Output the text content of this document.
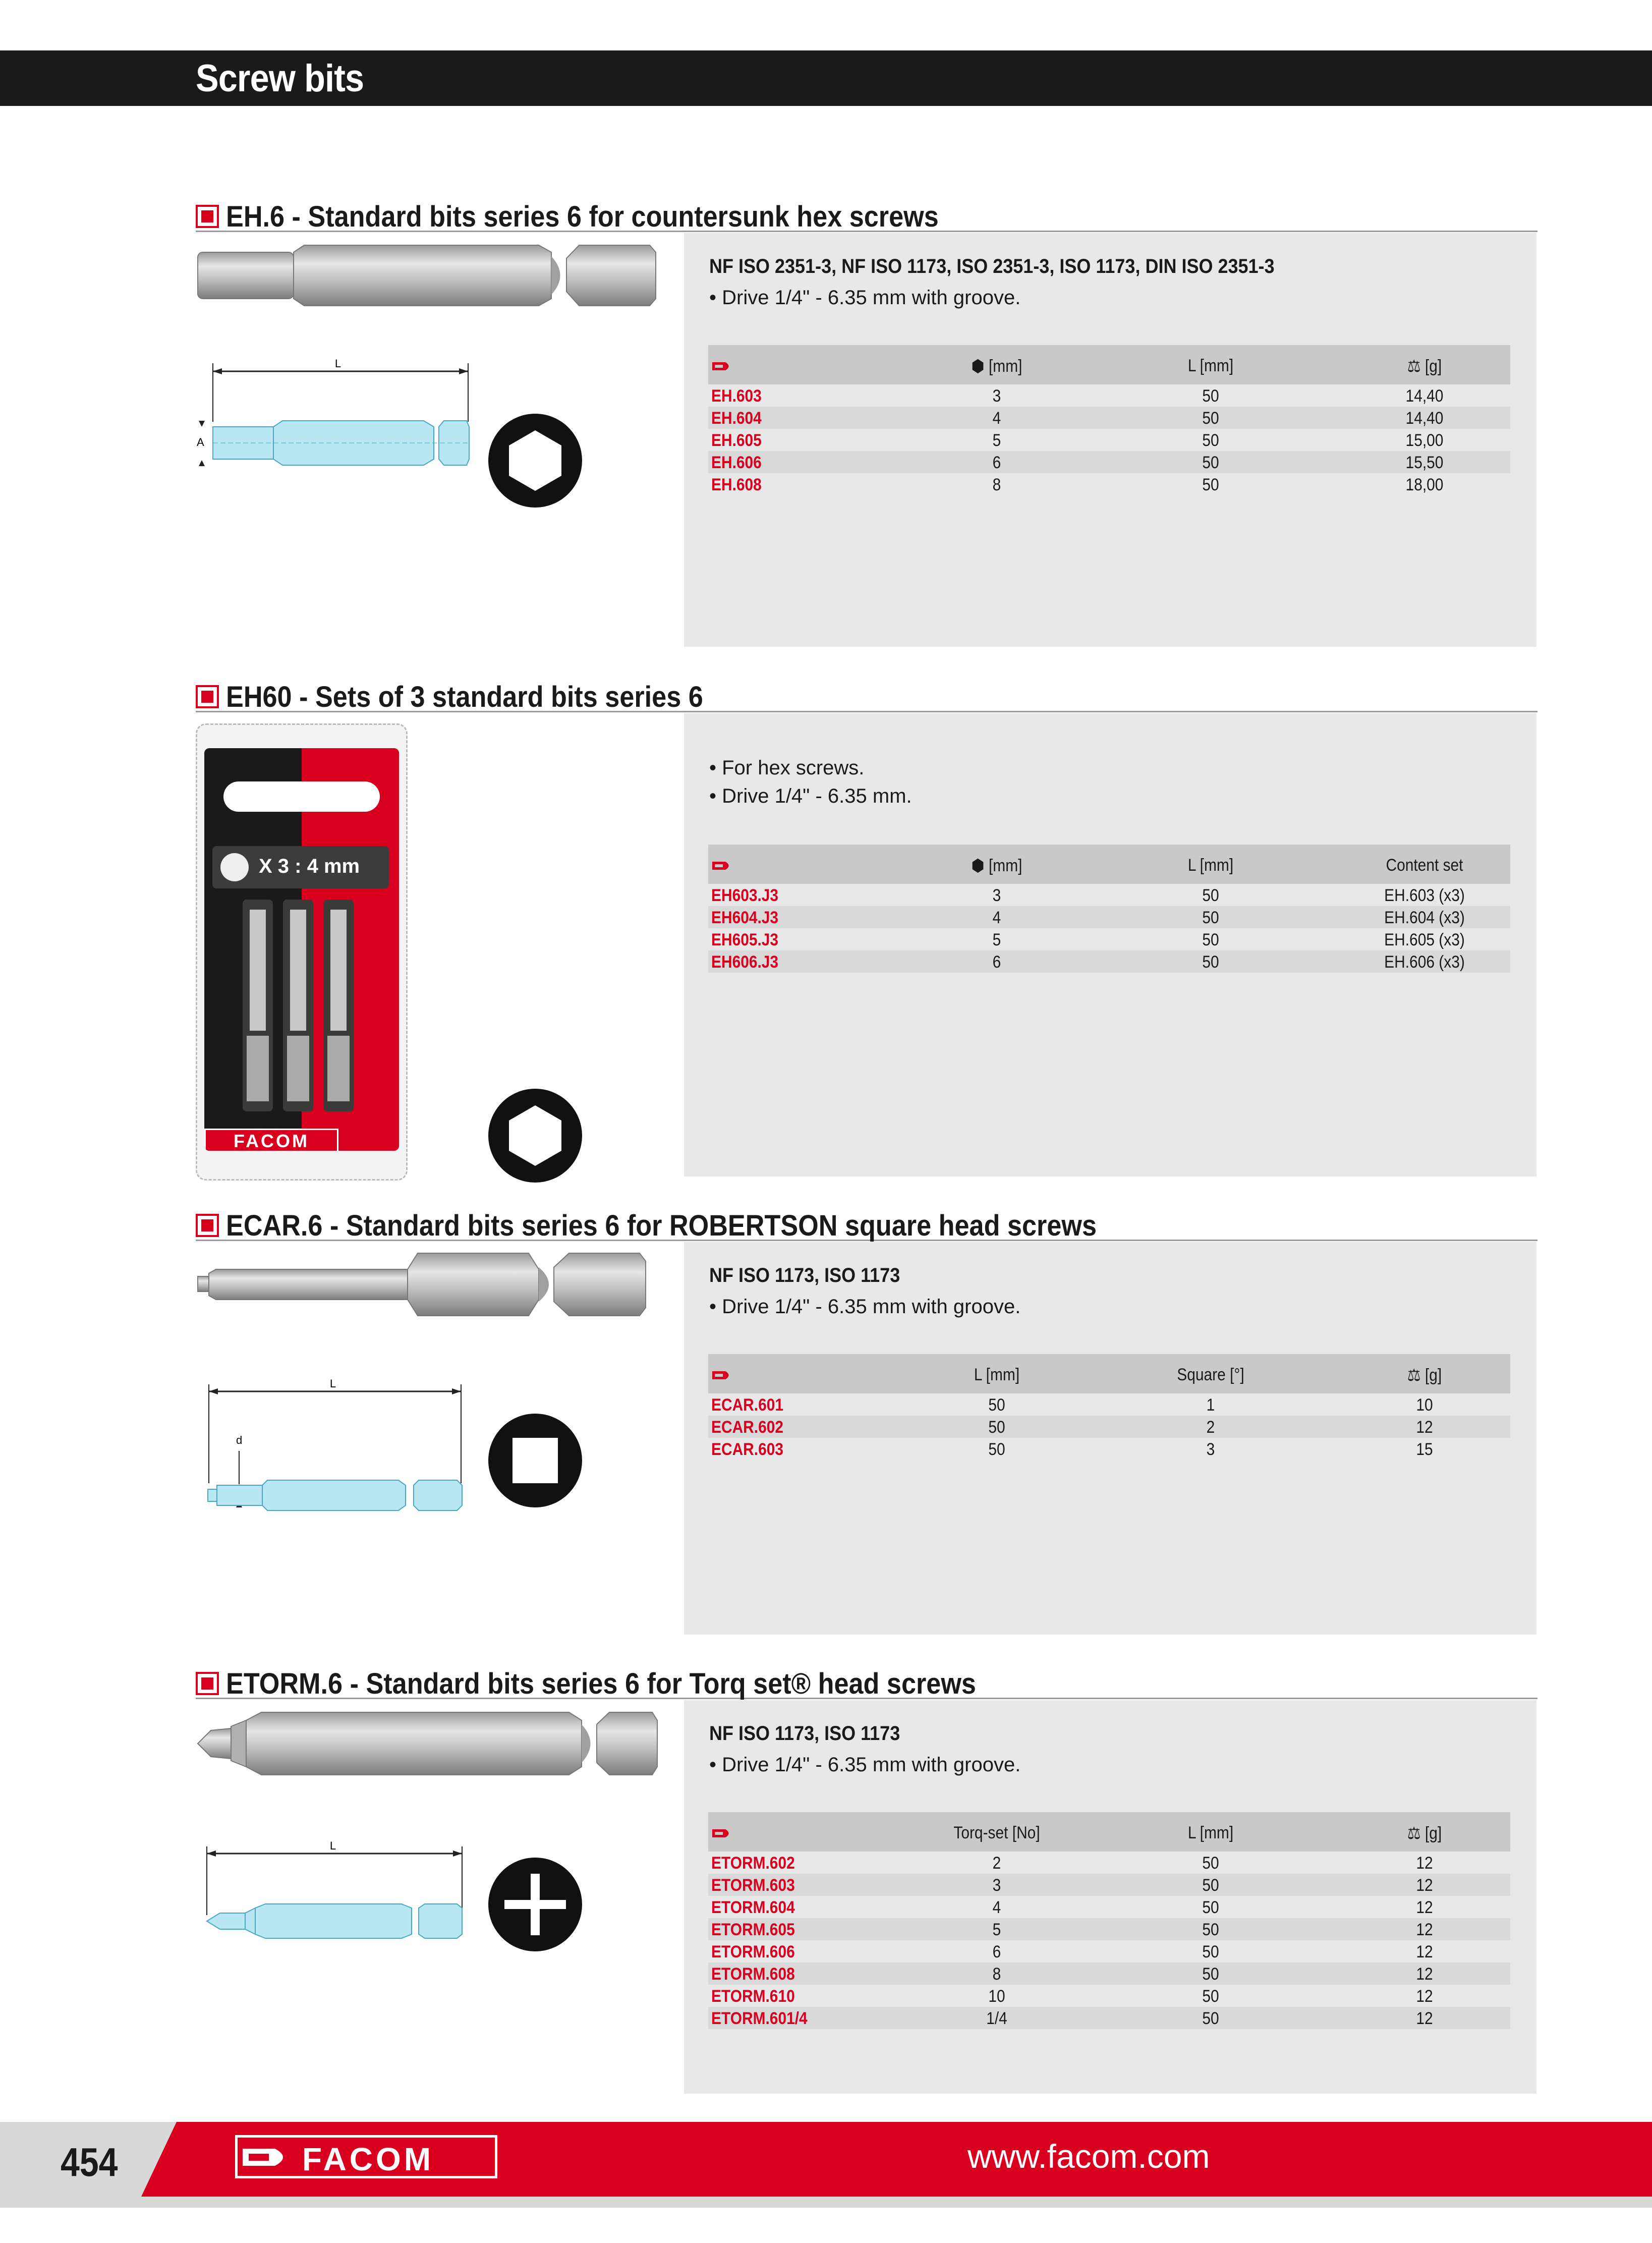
Screw bits
EH.6 - Standard bits series 6 for countersunk hex screws
L
A
NF ISO 2351-3, NF ISO 1173, ISO 2351-3, ISO 1173, DIN ISO 2351-3
• Drive 1/4" - 6.35 mm with groove.
⬢ [mm]	L [mm]	⚖ [g]
EH.603	3	50	14,40
EH.604	4	50	14,40
EH.605	5	50	15,00
EH.606	6	50	15,50
EH.608	8	50	18,00
EH60 - Sets of 3 standard bits series 6
X 3 : 4 mm
FACOM
• For hex screws.
• Drive 1/4" - 6.35 mm.
⬢ [mm]	L [mm]	Content set
EH603.J3	3	50	EH.603 (x3)
EH604.J3	4	50	EH.604 (x3)
EH605.J3	5	50	EH.605 (x3)
EH606.J3	6	50	EH.606 (x3)
ECAR.6 - Standard bits series 6 for ROBERTSON square head screws
L
d
NF ISO 1173, ISO 1173
• Drive 1/4" - 6.35 mm with groove.
L [mm]	Square [°]	⚖ [g]
ECAR.601	50	1	10
ECAR.602	50	2	12
ECAR.603	50	3	15
ETORM.6 - Standard bits series 6 for Torq set® head screws
L
NF ISO 1173, ISO 1173
• Drive 1/4" - 6.35 mm with groove.
Torq-set [No]	L [mm]	⚖ [g]
ETORM.602	2	50	12
ETORM.603	3	50	12
ETORM.604	4	50	12
ETORM.605	5	50	12
ETORM.606	6	50	12
ETORM.608	8	50	12
ETORM.610	10	50	12
ETORM.601/4	1/4	50	12
454	FACOM	www.facom.com
